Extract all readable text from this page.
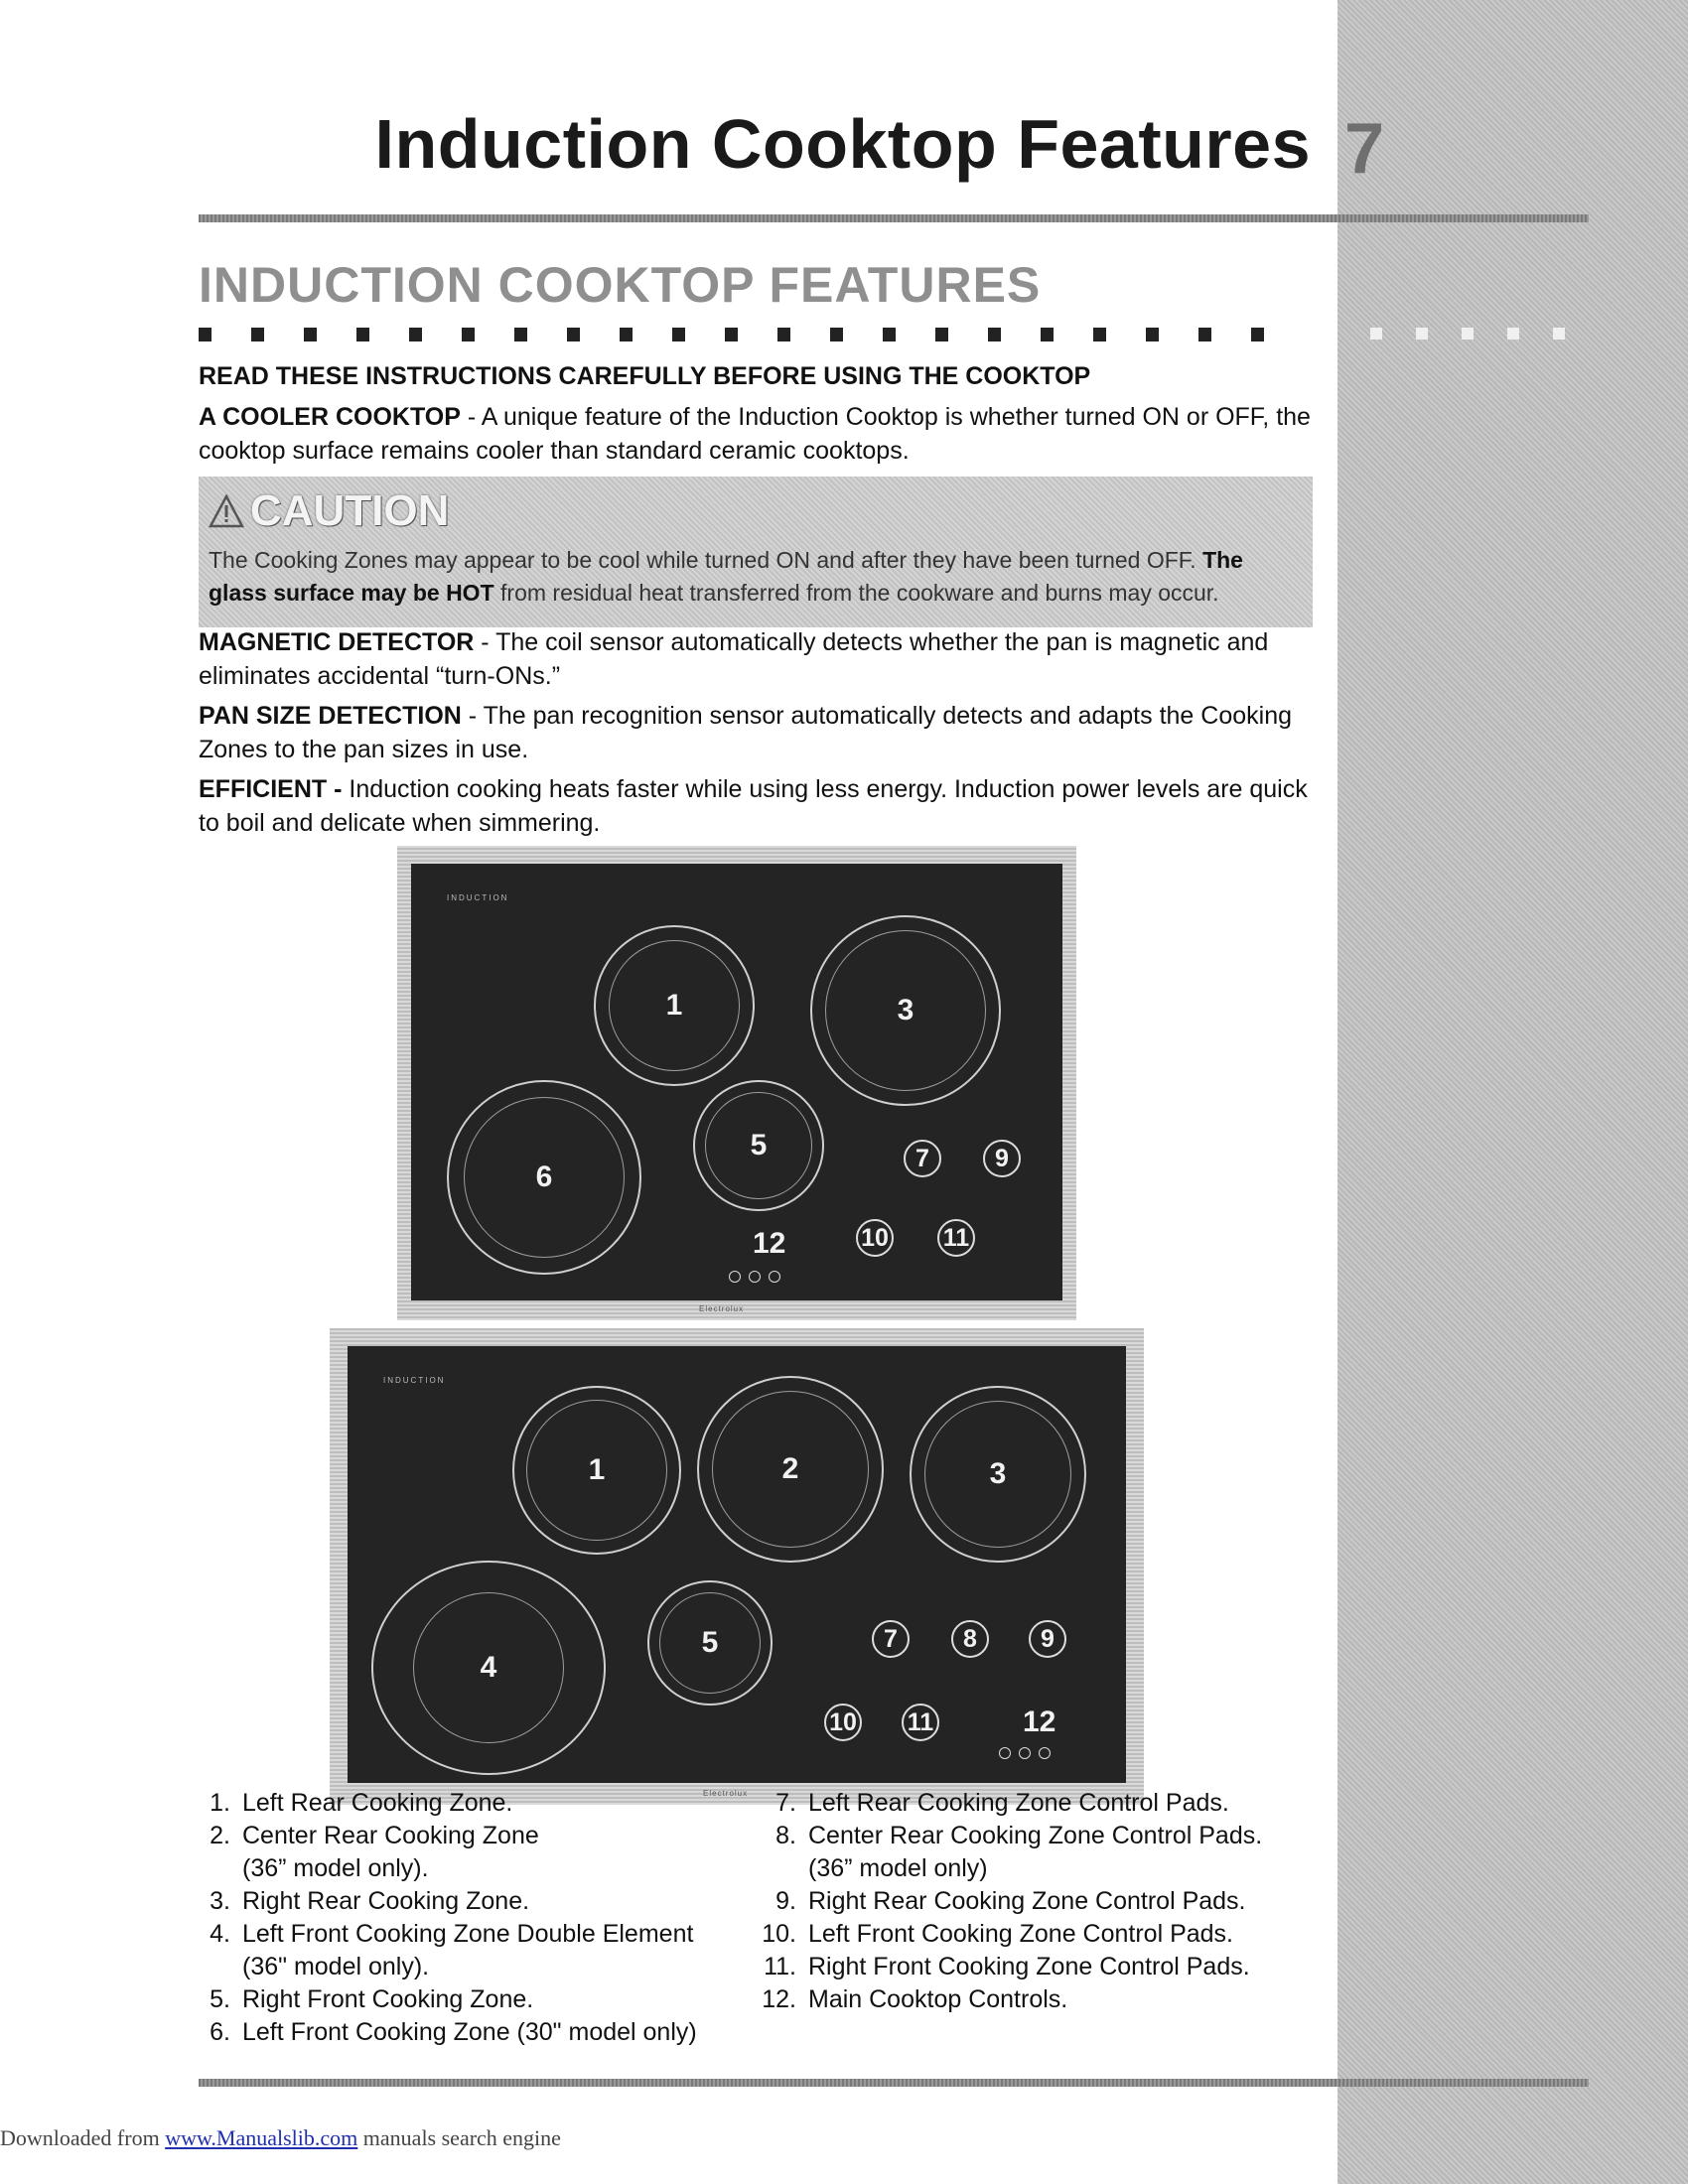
7
Induction Cooktop Features
INDUCTION COOKTOP FEATURES
READ THESE INSTRUCTIONS CAREFULLY BEFORE USING THE COOKTOP
A COOLER COOKTOP - A unique feature of the Induction Cooktop is whether turned ON or OFF, the cooktop surface remains cooler than standard ceramic cooktops.
CAUTION
The Cooking Zones may appear to be cool while turned ON and after they have been turned OFF. The glass surface may be HOT from residual heat transferred from the cookware and burns may occur.
MAGNETIC DETECTOR - The coil sensor automatically detects whether the pan is magnetic and eliminates accidental “turn-ONs.”
PAN SIZE DETECTION - The pan recognition sensor automatically detects and adapts the Cooking Zones to the pan sizes in use.
EFFICIENT - Induction cooking heats faster while using less energy. Induction power levels are quick to boil and delicate when simmering.
INDUCTION
1	3
6
5	7	9
10 11
12
Electrolux
INDUCTION
1	2	3
4
5	7	8	9
10 11	12
Electrolux
1. Left Rear Cooking Zone.
2. Center Rear Cooking Zone
(36” model only).
3. Right Rear Cooking Zone.
4. Left Front Cooking Zone Double Element
(36" model only).
5. Right Front Cooking Zone.
6. Left Front Cooking Zone (30" model only)
7. Left Rear Cooking Zone Control Pads.
8. Center Rear Cooking Zone Control Pads.
(36” model only)
9. Right Rear Cooking Zone Control Pads.
10. Left Front Cooking Zone Control Pads.
11. Right Front Cooking Zone Control Pads.
12. Main Cooktop Controls.
Downloaded from www.Manualslib.com manuals search engine
